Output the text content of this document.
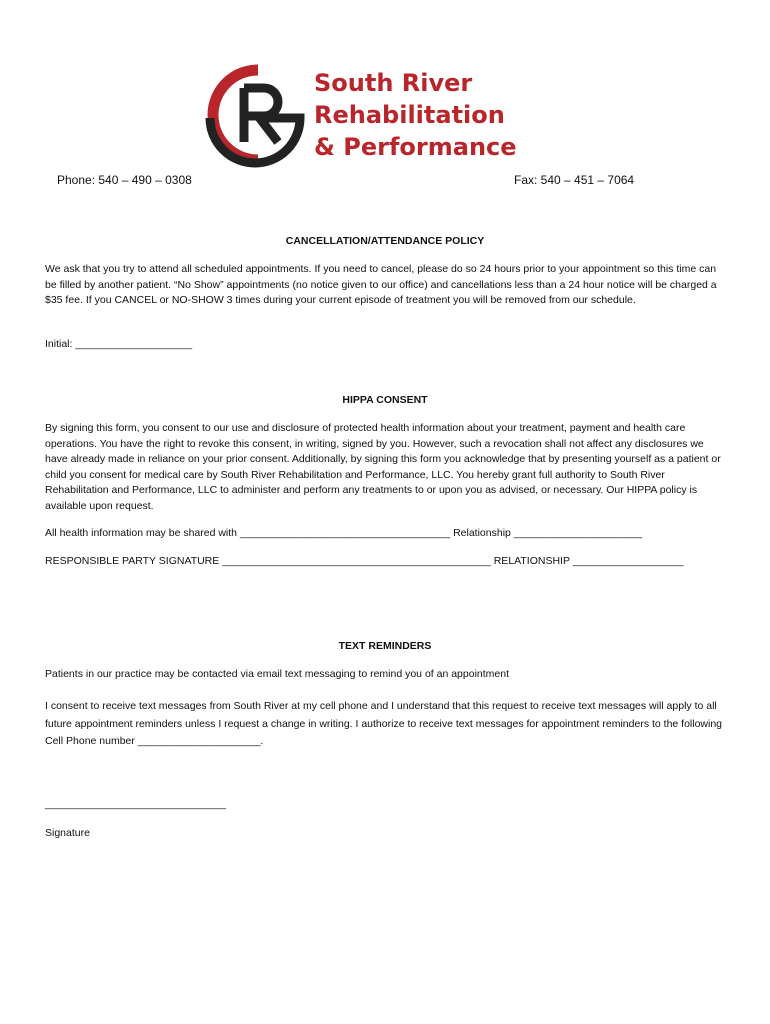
South River
Rehabilitation
& Performance
Phone: 540 – 490 – 0308	Fax: 540 – 451 – 7064
CANCELLATION/ATTENDANCE POLICY
We ask that you try to attend all scheduled appointments. If you need to cancel, please do so 24 hours prior to your appointment so this time can be filled by another patient. “No Show” appointments (no notice given to our office) and cancellations less than a 24 hour notice will be charged a $35 fee. If you CANCEL or NO-SHOW 3 times during your current episode of treatment you will be removed from our schedule.
Initial: ____________________
HIPPA CONSENT
By signing this form, you consent to our use and disclosure of protected health information about your treatment, payment and health care operations. You have the right to revoke this consent, in writing, signed by you. However, such a revocation shall not affect any disclosures we have already made in reliance on your prior consent. Additionally, by signing this form you acknowledge that by presenting yourself as a patient or child you consent for medical care by South River Rehabilitation and Performance, LLC. You hereby grant full authority to South River Rehabilitation and Performance, LLC to administer and perform any treatments to or upon you as advised, or necessary. Our HIPPA policy is available upon request.
All health information may be shared with ____________________________________ Relationship ______________________
RESPONSIBLE PARTY SIGNATURE ______________________________________________ RELATIONSHIP ___________________
TEXT REMINDERS
Patients in our practice may be contacted via email text messaging to remind you of an appointment
I consent to receive text messages from South River at my cell phone and I understand that this request to receive text messages will apply to all future appointment reminders unless I request a change in writing. I authorize to receive text messages for appointment reminders to the following Cell Phone number _____________________.
_______________________________
Signature
